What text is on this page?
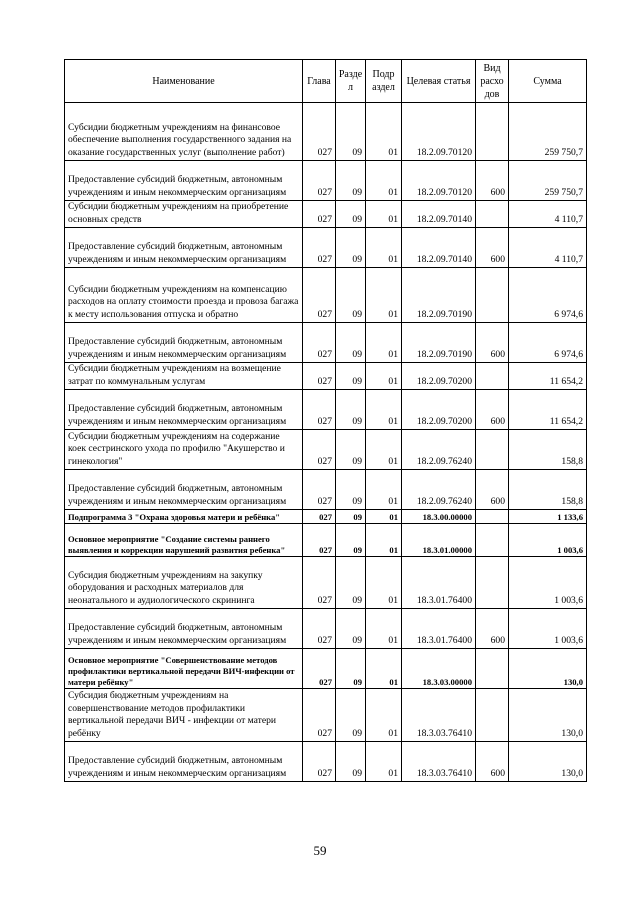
Наименование	Глава	Разде л	Подр аздел	Целевая статья	Вид расхо дов	Сумма
Субсидии бюджетным учреждениям на финансовое обеспечение выполнения государственного задания на оказание государственных услуг (выполнение работ)	027	09	01	18.2.09.70120		259 750,7
Предоставление субсидий бюджетным, автономным учреждениям и иным некоммерческим организациям	027	09	01	18.2.09.70120	600	259 750,7
Субсидии бюджетным учреждениям на приобретение основных средств	027	09	01	18.2.09.70140		4 110,7
Предоставление субсидий бюджетным, автономным учреждениям и иным некоммерческим организациям	027	09	01	18.2.09.70140	600	4 110,7
Субсидии бюджетным учреждениям на компенсацию расходов на оплату стоимости проезда и провоза багажа к месту использования отпуска и обратно	027	09	01	18.2.09.70190		6 974,6
Предоставление субсидий бюджетным, автономным учреждениям и иным некоммерческим организациям	027	09	01	18.2.09.70190	600	6 974,6
Субсидии бюджетным учреждениям на возмещение затрат по коммунальным услугам	027	09	01	18.2.09.70200		11 654,2
Предоставление субсидий бюджетным, автономным учреждениям и иным некоммерческим организациям	027	09	01	18.2.09.70200	600	11 654,2
Субсидии бюджетным учреждениям на содержание коек сестринского ухода по профилю "Акушерство и гинекология"	027	09	01	18.2.09.76240		158,8
Предоставление субсидий бюджетным, автономным учреждениям и иным некоммерческим организациям	027	09	01	18.2.09.76240	600	158,8
Подпрограмма 3 "Охрана здоровья матери и ребёнка"	027	09	01	18.3.00.00000		1 133,6
Основное мероприятие "Создание системы раннего выявления и коррекции нарушений развития ребенка"	027	09	01	18.3.01.00000		1 003,6
Субсидия бюджетным учреждениям на закупку оборудования и расходных материалов для неонатального и аудиологического скрининга	027	09	01	18.3.01.76400		1 003,6
Предоставление субсидий бюджетным, автономным учреждениям и иным некоммерческим организациям	027	09	01	18.3.01.76400	600	1 003,6
Основное мероприятие "Совершенствование методов профилактики вертикальной передачи ВИЧ-инфекции от матери ребёнку"	027	09	01	18.3.03.00000		130,0
Субсидия бюджетным учреждениям на совершенствование методов профилактики вертикальной передачи ВИЧ - инфекции от матери ребёнку	027	09	01	18.3.03.76410		130,0
Предоставление субсидий бюджетным, автономным учреждениям и иным некоммерческим организациям	027	09	01	18.3.03.76410	600	130,0
59
